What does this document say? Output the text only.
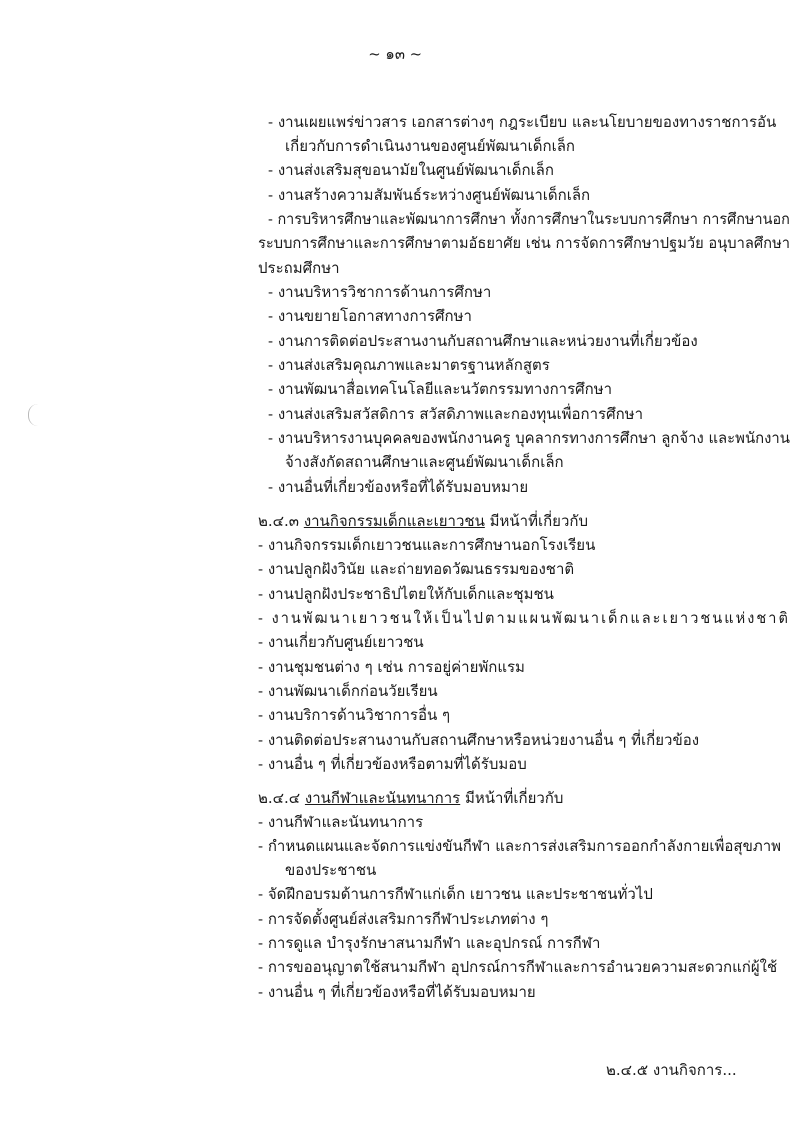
~ ๑๓ ~
- งานเผยแพร่ข่าวสาร เอกสารต่างๆ กฎระเบียบ และนโยบายของทางราชการอัน
เกี่ยวกับการดำเนินงานของศูนย์พัฒนาเด็กเล็ก
- งานส่งเสริมสุขอนามัยในศูนย์พัฒนาเด็กเล็ก
- งานสร้างความสัมพันธ์ระหว่างศูนย์พัฒนาเด็กเล็ก
- การบริหารศึกษาและพัฒนาการศึกษา ทั้งการศึกษาในระบบการศึกษา การศึกษานอก
ระบบการศึกษาและการศึกษาตามอัธยาศัย เช่น การจัดการศึกษาปฐมวัย อนุบาลศึกษา
ประถมศึกษา
- งานบริหารวิชาการด้านการศึกษา
- งานขยายโอกาสทางการศึกษา
- งานการติดต่อประสานงานกับสถานศึกษาและหน่วยงานที่เกี่ยวข้อง
- งานส่งเสริมคุณภาพและมาตรฐานหลักสูตร
- งานพัฒนาสื่อเทคโนโลยีและนวัตกรรมทางการศึกษา
- งานส่งเสริมสวัสดิการ สวัสดิภาพและกองทุนเพื่อการศึกษา
- งานบริหารงานบุคคลของพนักงานครู บุคลากรทางการศึกษา ลูกจ้าง และพนักงาน
จ้างสังกัดสถานศึกษาและศูนย์พัฒนาเด็กเล็ก
- งานอื่นที่เกี่ยวข้องหรือที่ได้รับมอบหมาย
๒.๔.๓ งานกิจกรรมเด็กและเยาวชน มีหน้าที่เกี่ยวกับ
- งานกิจกรรมเด็กเยาวชนและการศึกษานอกโรงเรียน
- งานปลูกฝังวินัย และถ่ายทอดวัฒนธรรมของชาติ
- งานปลูกฝังประชาธิปไตยให้กับเด็กและชุมชน
- งานพัฒนาเยาวชนให้เป็นไปตามแผนพัฒนาเด็กและเยาวชนแห่งชาติ
- งานเกี่ยวกับศูนย์เยาวชน
- งานชุมชนต่าง ๆ เช่น การอยู่ค่ายพักแรม
- งานพัฒนาเด็กก่อนวัยเรียน
- งานบริการด้านวิชาการอื่น ๆ
- งานติดต่อประสานงานกับสถานศึกษาหรือหน่วยงานอื่น ๆ ที่เกี่ยวข้อง
- งานอื่น ๆ ที่เกี่ยวข้องหรือตามที่ได้รับมอบ
๒.๔.๔ งานกีฬาและนันทนาการ มีหน้าที่เกี่ยวกับ
- งานกีฬาและนันทนาการ
- กำหนดแผนและจัดการแข่งขันกีฬา และการส่งเสริมการออกกำลังกายเพื่อสุขภาพ
ของประชาชน
- จัดฝึกอบรมด้านการกีฬาแก่เด็ก เยาวชน และประชาชนทั่วไป
- การจัดตั้งศูนย์ส่งเสริมการกีฬาประเภทต่าง ๆ
- การดูแล บำรุงรักษาสนามกีฬา และอุปกรณ์ การกีฬา
- การขออนุญาตใช้สนามกีฬา อุปกรณ์การกีฬาและการอำนวยความสะดวกแก่ผู้ใช้
- งานอื่น ๆ ที่เกี่ยวข้องหรือที่ได้รับมอบหมาย
๒.๔.๕ งานกิจการ...
